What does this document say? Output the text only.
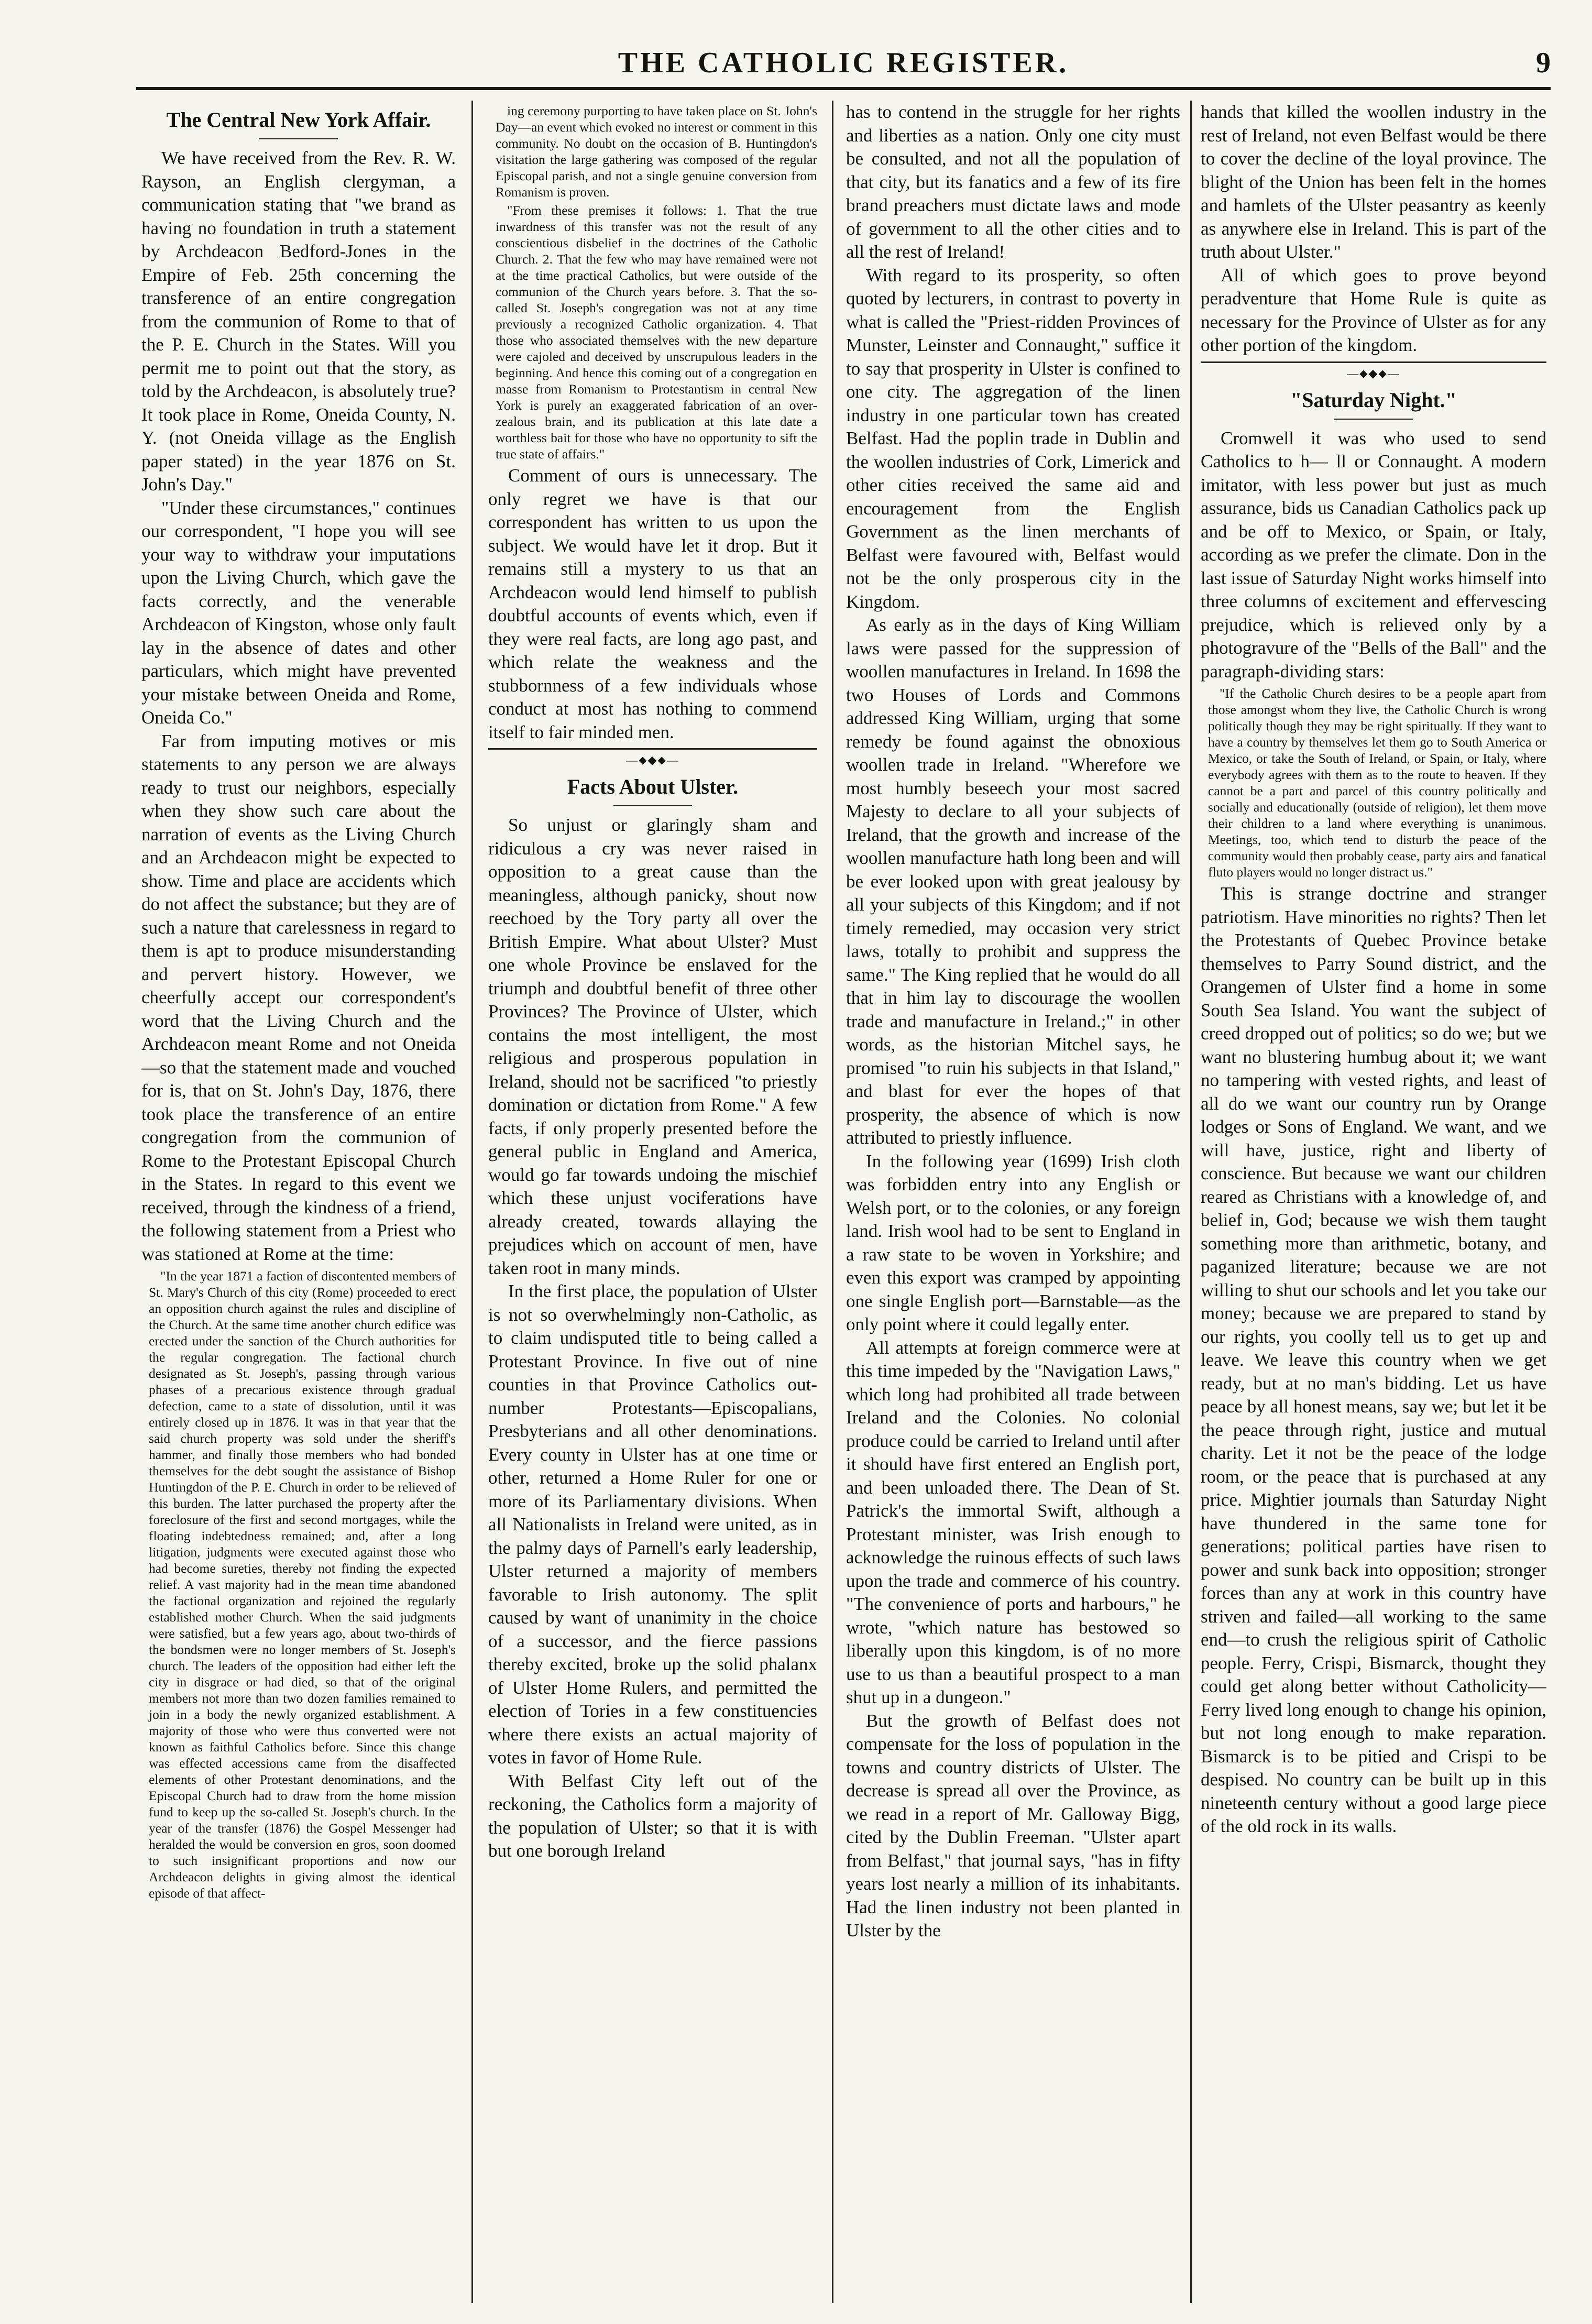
THE CATHOLIC REGISTER.	9
The Central New York Affair.

We have received from the Rev. R. W. Rayson, an English clergyman, a communication stating that "we brand as having no foundation in truth a statement by Archdeacon Bedford-Jones in the Empire of Feb. 25th concerning the transference of an entire congregation from the communion of Rome to that of the P. E. Church in the States. Will you permit me to point out that the story, as told by the Archdeacon, is absolutely true? It took place in Rome, Oneida County, N. Y. (not Oneida village as the English paper stated) in the year 1876 on St. John's Day."

"Under these circumstances," continues our correspondent, "I hope you will see your way to withdraw your imputations upon the Living Church, which gave the facts correctly, and the venerable Archdeacon of Kingston, whose only fault lay in the absence of dates and other particulars, which might have prevented your mistake between Oneida and Rome, Oneida Co."

Far from imputing motives or mis statements to any person we are always ready to trust our neighbors, especially when they show such care about the narration of events as the Living Church and an Archdeacon might be expected to show. Time and place are accidents which do not affect the substance; but they are of such a nature that carelessness in regard to them is apt to produce misunderstanding and pervert history. However, we cheerfully accept our correspondent's word that the Living Church and the Archdeacon meant Rome and not Oneida—so that the statement made and vouched for is, that on St. John's Day, 1876, there took place the transference of an entire congregation from the communion of Rome to the Protestant Episcopal Church in the States. In regard to this event we received, through the kindness of a friend, the following statement from a Priest who was stationed at Rome at the time:

"In the year 1871 a faction of discontented members of St. Mary's Church of this city (Rome) proceeded to erect an opposition church against the rules and discipline of the Church. At the same time another church edifice was erected under the sanction of the Church authorities for the regular congregation. The factional church designated as St. Joseph's, passing through various phases of a precarious existence through gradual defection, came to a state of dissolution, until it was entirely closed up in 1876. It was in that year that the said church property was sold under the sheriff's hammer, and finally those members who had bonded themselves for the debt sought the assistance of Bishop Huntingdon of the P. E. Church in order to be relieved of this burden. The latter purchased the property after the foreclosure of the first and second mortgages, while the floating indebtedness remained; and, after a long litigation, judgments were executed against those who had become sureties, thereby not finding the expected relief. A vast majority had in the mean time abandoned the factional organization and rejoined the regularly established mother Church. When the said judgments were satisfied, but a few years ago, about two-thirds of the bondsmen were no longer members of St. Joseph's church. The leaders of the opposition had either left the city in disgrace or had died, so that of the original members not more than two dozen families remained to join in a body the newly organized establishment. A majority of those who were thus converted were not known as faithful Catholics before. Since this change was effected accessions came from the disaffected elements of other Protestant denominations, and the Episcopal Church had to draw from the home mission fund to keep up the so-called St. Joseph's church. In the year of the transfer (1876) the Gospel Messenger had heralded the would be conversion en gros, soon doomed to such insignificant proportions and now our Archdeacon delights in giving almost the identical episode of that affect-

ing ceremony purporting to have taken place on St. John's Day—an event which evoked no interest or comment in this community. No doubt on the occasion of B. Huntingdon's visitation the large gathering was composed of the regular Episcopal parish, and not a single genuine conversion from Romanism is proven.

"From these premises it follows: 1. That the true inwardness of this transfer was not the result of any conscientious disbelief in the doctrines of the Catholic Church. 2. That the few who may have remained were not at the time practical Catholics, but were outside of the communion of the Church years before. 3. That the so-called St. Joseph's congregation was not at any time previously a recognized Catholic organization. 4. That those who associated themselves with the new departure were cajoled and deceived by unscrupulous leaders in the beginning. And hence this coming out of a congregation en masse from Romanism to Protestantism in central New York is purely an exaggerated fabrication of an over-zealous brain, and its publication at this late date a worthless bait for those who have no opportunity to sift the true state of affairs."

Comment of ours is unnecessary. The only regret we have is that our correspondent has written to us upon the subject. We would have let it drop. But it remains still a mystery to us that an Archdeacon would lend himself to publish doubtful accounts of events which, even if they were real facts, are long ago past, and which relate the weakness and the stubbornness of a few individuals whose conduct at most has nothing to commend itself to fair minded men.

—⬥◆⬥—
Facts About Ulster.

So unjust or glaringly sham and ridiculous a cry was never raised in opposition to a great cause than the meaningless, although panicky, shout now reechoed by the Tory party all over the British Empire. What about Ulster? Must one whole Province be enslaved for the triumph and doubtful benefit of three other Provinces? The Province of Ulster, which contains the most intelligent, the most religious and prosperous population in Ireland, should not be sacrificed "to priestly domination or dictation from Rome." A few facts, if only properly presented before the general public in England and America, would go far towards undoing the mischief which these unjust vociferations have already created, towards allaying the prejudices which on account of men, have taken root in many minds.

In the first place, the population of Ulster is not so overwhelmingly non-Catholic, as to claim undisputed title to being called a Protestant Province. In five out of nine counties in that Province Catholics out-number Protestants—Episcopalians, Presbyterians and all other denominations. Every county in Ulster has at one time or other, returned a Home Ruler for one or more of its Parliamentary divisions. When all Nationalists in Ireland were united, as in the palmy days of Parnell's early leadership, Ulster returned a majority of members favorable to Irish autonomy. The split caused by want of unanimity in the choice of a successor, and the fierce passions thereby excited, broke up the solid phalanx of Ulster Home Rulers, and permitted the election of Tories in a few constituencies where there exists an actual majority of votes in favor of Home Rule.

With Belfast City left out of the reckoning, the Catholics form a majority of the population of Ulster; so that it is with but one borough Ireland

has to contend in the struggle for her rights and liberties as a nation. Only one city must be consulted, and not all the population of that city, but its fanatics and a few of its fire brand preachers must dictate laws and mode of government to all the other cities and to all the rest of Ireland!

With regard to its prosperity, so often quoted by lecturers, in contrast to poverty in what is called the "Priest-ridden Provinces of Munster, Leinster and Connaught," suffice it to say that prosperity in Ulster is confined to one city. The aggregation of the linen industry in one particular town has created Belfast. Had the poplin trade in Dublin and the woollen industries of Cork, Limerick and other cities received the same aid and encouragement from the English Government as the linen merchants of Belfast were favoured with, Belfast would not be the only prosperous city in the Kingdom.

As early as in the days of King William laws were passed for the suppression of woollen manufactures in Ireland. In 1698 the two Houses of Lords and Commons addressed King William, urging that some remedy be found against the obnoxious woollen trade in Ireland. "Wherefore we most humbly beseech your most sacred Majesty to declare to all your subjects of Ireland, that the growth and increase of the woollen manufacture hath long been and will be ever looked upon with great jealousy by all your subjects of this Kingdom; and if not timely remedied, may occasion very strict laws, totally to prohibit and suppress the same." The King replied that he would do all that in him lay to discourage the woollen trade and manufacture in Ireland.;" in other words, as the historian Mitchel says, he promised "to ruin his subjects in that Island," and blast for ever the hopes of that prosperity, the absence of which is now attributed to priestly influence.

In the following year (1699) Irish cloth was forbidden entry into any English or Welsh port, or to the colonies, or any foreign land. Irish wool had to be sent to England in a raw state to be woven in Yorkshire; and even this export was cramped by appointing one single English port—Barnstable—as the only point where it could legally enter.

All attempts at foreign commerce were at this time impeded by the "Navigation Laws," which long had prohibited all trade between Ireland and the Colonies. No colonial produce could be carried to Ireland until after it should have first entered an English port, and been unloaded there. The Dean of St. Patrick's the immortal Swift, although a Protestant minister, was Irish enough to acknowledge the ruinous effects of such laws upon the trade and commerce of his country. "The convenience of ports and harbours," he wrote, "which nature has bestowed so liberally upon this kingdom, is of no more use to us than a beautiful prospect to a man shut up in a dungeon."

But the growth of Belfast does not compensate for the loss of population in the towns and country districts of Ulster. The decrease is spread all over the Province, as we read in a report of Mr. Galloway Bigg, cited by the Dublin Freeman. "Ulster apart from Belfast," that journal says, "has in fifty years lost nearly a million of its inhabitants. Had the linen industry not been planted in Ulster by the

hands that killed the woollen industry in the rest of Ireland, not even Belfast would be there to cover the decline of the loyal province. The blight of the Union has been felt in the homes and hamlets of the Ulster peasantry as keenly as anywhere else in Ireland. This is part of the truth about Ulster."

All of which goes to prove beyond peradventure that Home Rule is quite as necessary for the Province of Ulster as for any other portion of the kingdom.

—⬥◆⬥—
"Saturday Night."

Cromwell it was who used to send Catholics to h— ll or Connaught. A modern imitator, with less power but just as much assurance, bids us Canadian Catholics pack up and be off to Mexico, or Spain, or Italy, according as we prefer the climate. Don in the last issue of Saturday Night works himself into three columns of excitement and effervescing prejudice, which is relieved only by a photogravure of the "Bells of the Ball" and the paragraph-dividing stars:

"If the Catholic Church desires to be a people apart from those amongst whom they live, the Catholic Church is wrong politically though they may be right spiritually. If they want to have a country by themselves let them go to South America or Mexico, or take the South of Ireland, or Spain, or Italy, where everybody agrees with them as to the route to heaven. If they cannot be a part and parcel of this country politically and socially and educationally (outside of religion), let them move their children to a land where everything is unanimous. Meetings, too, which tend to disturb the peace of the community would then probably cease, party airs and fanatical fluto players would no longer distract us."

This is strange doctrine and stranger patriotism. Have minorities no rights? Then let the Protestants of Quebec Province betake themselves to Parry Sound district, and the Orangemen of Ulster find a home in some South Sea Island. You want the subject of creed dropped out of politics; so do we; but we want no blustering humbug about it; we want no tampering with vested rights, and least of all do we want our country run by Orange lodges or Sons of England. We want, and we will have, justice, right and liberty of conscience. But because we want our children reared as Christians with a knowledge of, and belief in, God; because we wish them taught something more than arithmetic, botany, and paganized literature; because we are not willing to shut our schools and let you take our money; because we are prepared to stand by our rights, you coolly tell us to get up and leave. We leave this country when we get ready, but at no man's bidding. Let us have peace by all honest means, say we; but let it be the peace through right, justice and mutual charity. Let it not be the peace of the lodge room, or the peace that is purchased at any price. Mightier journals than Saturday Night have thundered in the same tone for generations; political parties have risen to power and sunk back into opposition; stronger forces than any at work in this country have striven and failed—all working to the same end—to crush the religious spirit of Catholic people. Ferry, Crispi, Bismarck, thought they could get along better without Catholicity—Ferry lived long enough to change his opinion, but not long enough to make reparation. Bismarck is to be pitied and Crispi to be despised. No country can be built up in this nineteenth century without a good large piece of the old rock in its walls.
